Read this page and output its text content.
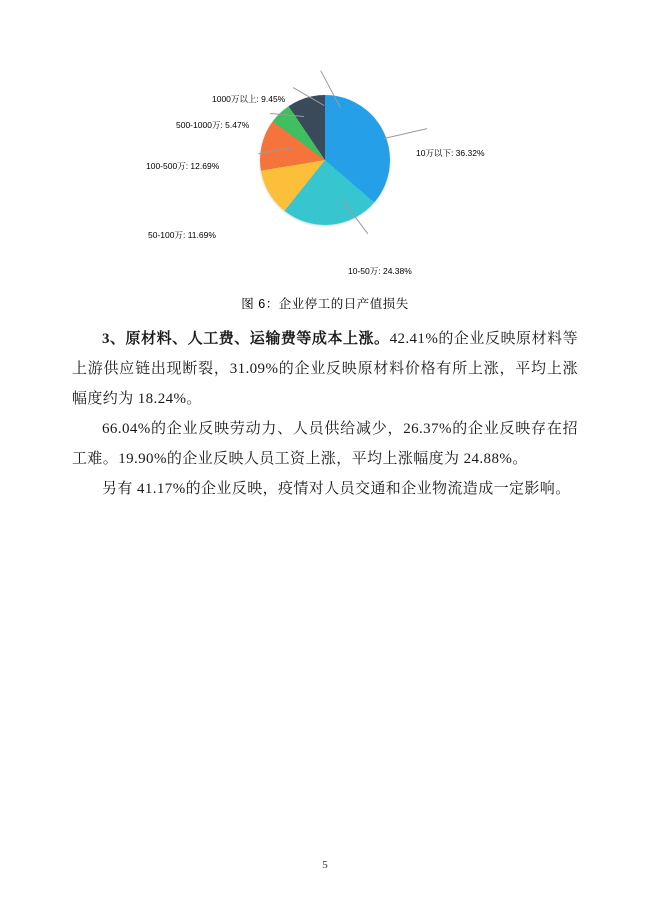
1000万以上: 9.45%
500-1000万: 5.47%
100-500万: 12.69%
50-100万: 11.69%
10-50万: 24.38%
10万以下: 36.32%
图 6：企业停工的日产值损失

3、原材料、人工费、运输费等成本上涨。42.41%的企业反映原材料等上游供应链出现断裂，31.09%的企业反映原材料价格有所上涨，平均上涨幅度约为 18.24%。

66.04%的企业反映劳动力、人员供给减少，26.37%的企业反映存在招工难。19.90%的企业反映人员工资上涨，平均上涨幅度为 24.88%。

另有 41.17%的企业反映，疫情对人员交通和企业物流造成一定影响。

5
